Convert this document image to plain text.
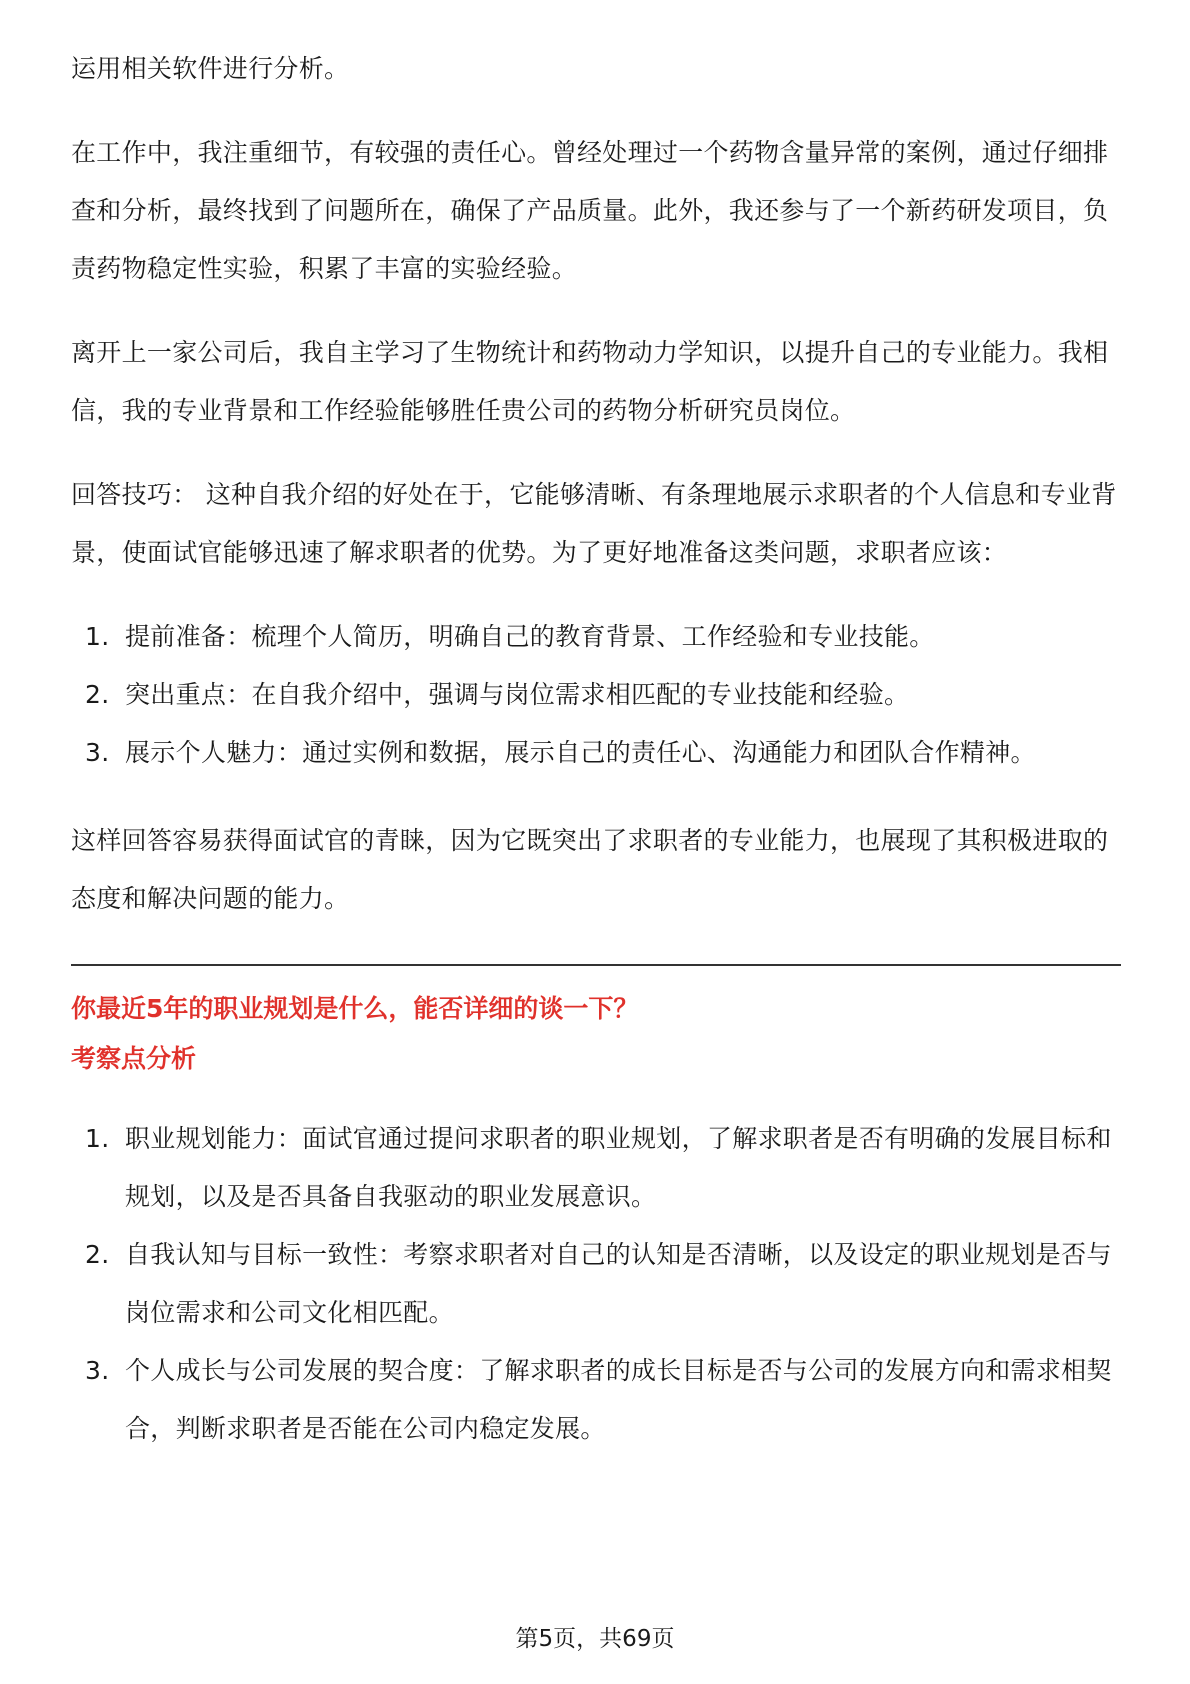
运用相关软件进行分析。

在工作中，我注重细节，有较强的责任心。曾经处理过一个药物含量异常的案例，通过仔细排查和分析，最终找到了问题所在，确保了产品质量。此外，我还参与了一个新药研发项目，负责药物稳定性实验，积累了丰富的实验经验。

离开上一家公司后，我自主学习了生物统计和药物动力学知识，以提升自己的专业能力。我相信，我的专业背景和工作经验能够胜任贵公司的药物分析研究员岗位。

回答技巧： 这种自我介绍的好处在于，它能够清晰、有条理地展示求职者的个人信息和专业背景，使面试官能够迅速了解求职者的优势。为了更好地准备这类问题，求职者应该：

1. 提前准备：梳理个人简历，明确自己的教育背景、工作经验和专业技能。
2. 突出重点：在自我介绍中，强调与岗位需求相匹配的专业技能和经验。
3. 展示个人魅力：通过实例和数据，展示自己的责任心、沟通能力和团队合作精神。

这样回答容易获得面试官的青睐，因为它既突出了求职者的专业能力，也展现了其积极进取的态度和解决问题的能力。

你最近5年的职业规划是什么，能否详细的谈一下？

考察点分析

1. 职业规划能力：面试官通过提问求职者的职业规划，了解求职者是否有明确的发展目标和规划，以及是否具备自我驱动的职业发展意识。
2. 自我认知与目标一致性：考察求职者对自己的认知是否清晰，以及设定的职业规划是否与岗位需求和公司文化相匹配。
3. 个人成长与公司发展的契合度：了解求职者的成长目标是否与公司的发展方向和需求相契合，判断求职者是否能在公司内稳定发展。
第5页，共69页
